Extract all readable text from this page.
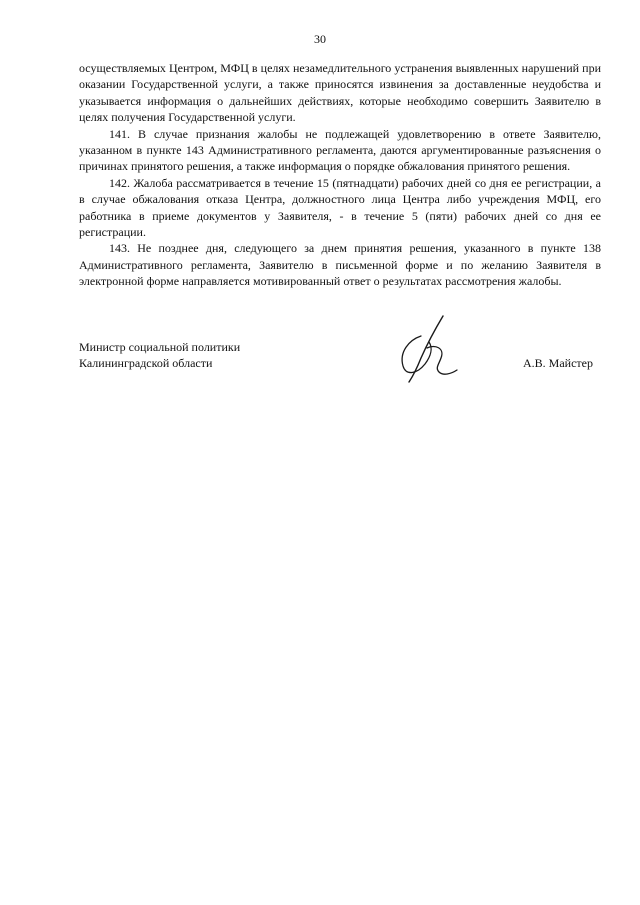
30

осуществляемых Центром, МФЦ в целях незамедлительного устранения выявленных нарушений при оказании Государственной услуги, а также приносятся извинения за доставленные неудобства и указывается информация о дальнейших действиях, которые необходимо совершить Заявителю в целях получения Государственной услуги.

141. В случае признания жалобы не подлежащей удовлетворению в ответе Заявителю, указанном в пункте 143 Административного регламента, даются аргументированные разъяснения о причинах принятого решения, а также информация о порядке обжалования принятого решения.

142. Жалоба рассматривается в течение 15 (пятнадцати) рабочих дней со дня ее регистрации, а в случае обжалования отказа Центра, должностного лица Центра либо учреждения МФЦ, его работника в приеме документов у Заявителя, - в течение 5 (пяти) рабочих дней со дня ее регистрации.

143. Не позднее дня, следующего за днем принятия решения, указанного в пункте 138 Административного регламента, Заявителю в письменной форме и по желанию Заявителя в электронной форме направляется мотивированный ответ о результатах рассмотрения жалобы.

Министр социальной политики
Калининградской области	А.В. Майстер
